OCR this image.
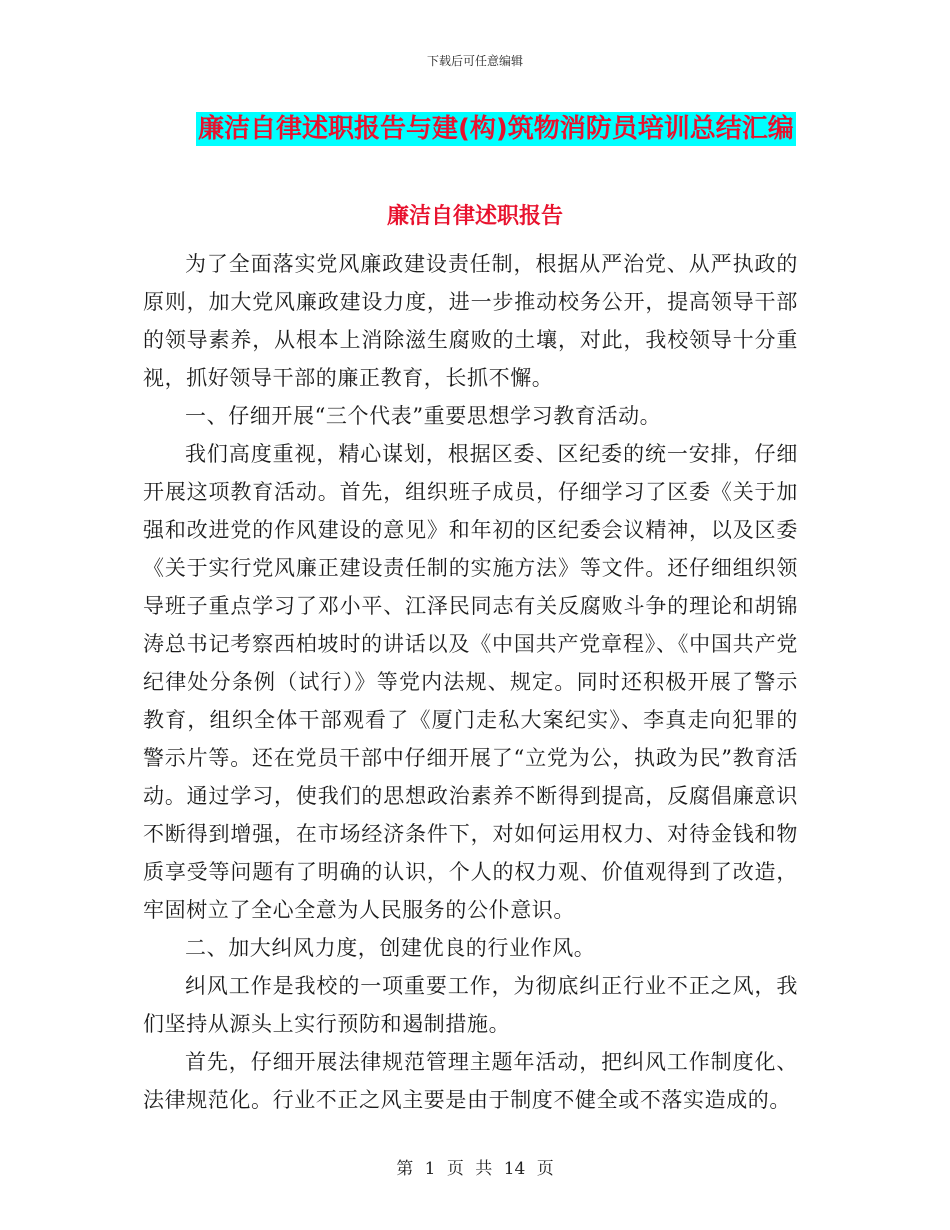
下载后可任意编辑
廉洁自律述职报告与建(构)筑物消防员培训总结汇编
廉洁自律述职报告

为了全面落实党风廉政建设责任制，根据从严治党、从严执政的原则，加大党风廉政建设力度，进一步推动校务公开，提高领导干部的领导素养，从根本上消除滋生腐败的土壤，对此，我校领导十分重视，抓好领导干部的廉正教育，长抓不懈。

一、仔细开展“三个代表”重要思想学习教育活动。

我们高度重视，精心谋划，根据区委、区纪委的统一安排，仔细开展这项教育活动。首先，组织班子成员，仔细学习了区委《关于加强和改进党的作风建设的意见》和年初的区纪委会议精神，以及区委《关于实行党风廉正建设责任制的实施方法》等文件。还仔细组织领导班子重点学习了邓小平、江泽民同志有关反腐败斗争的理论和胡锦涛总书记考察西柏坡时的讲话以及《中国共产党章程》、《中国共产党纪律处分条例（试行）》等党内法规、规定。同时还积极开展了警示教育，组织全体干部观看了《厦门走私大案纪实》、李真走向犯罪的警示片等。还在党员干部中仔细开展了“立党为公，执政为民”教育活动。通过学习，使我们的思想政治素养不断得到提高，反腐倡廉意识不断得到增强，在市场经济条件下，对如何运用权力、对待金钱和物质享受等问题有了明确的认识，个人的权力观、价值观得到了改造，牢固树立了全心全意为人民服务的公仆意识。

二、加大纠风力度，创建优良的行业作风。

纠风工作是我校的一项重要工作，为彻底纠正行业不正之风，我们坚持从源头上实行预防和遏制措施。

首先，仔细开展法律规范管理主题年活动，把纠风工作制度化、法律规范化。行业不正之风主要是由于制度不健全或不落实造成的。

第 1 页 共 14 页
